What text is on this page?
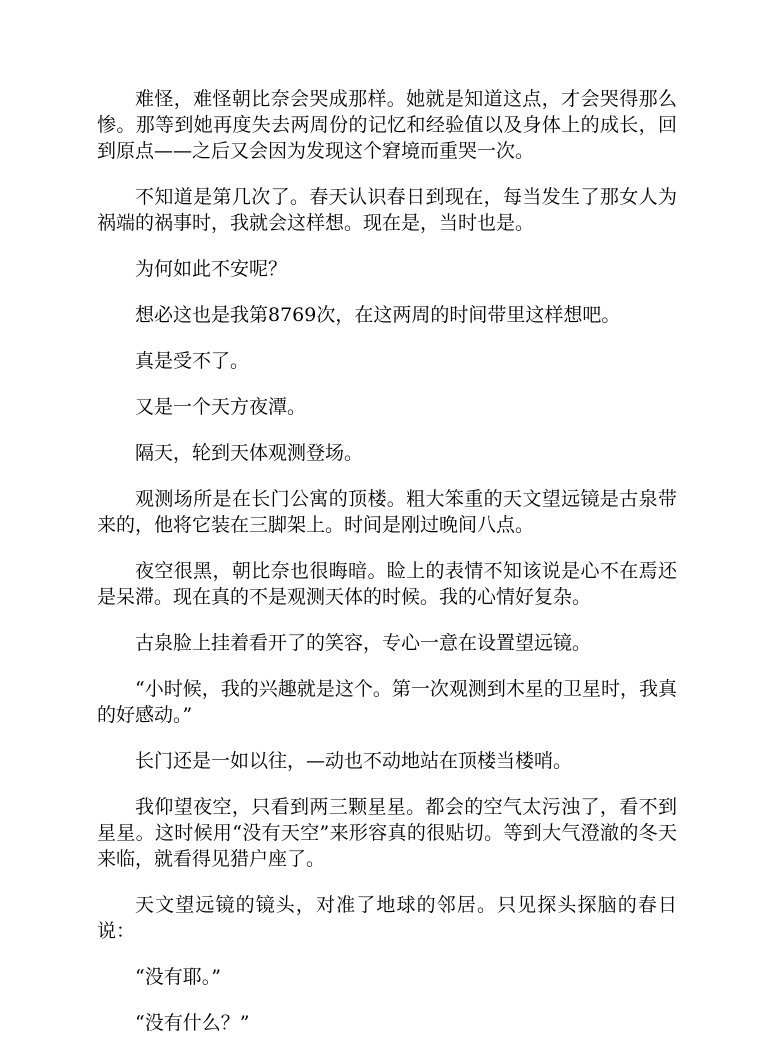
难怪，难怪朝比奈会哭成那样。她就是知道这点，才会哭得那么惨。那等到她再度失去两周份的记忆和经验值以及身体上的成长，回到原点——之后又会因为发现这个窘境而重哭一次。

不知道是第几次了。春天认识春日到现在，每当发生了那女人为祸端的祸事时，我就会这样想。现在是，当时也是。

为何如此不安呢？

想必这也是我第8769次，在这两周的时间带里这样想吧。

真是受不了。

又是一个天方夜潭。

隔天，轮到天体观测登场。

观测场所是在长门公寓的顶楼。粗大笨重的天文望远镜是古泉带来的，他将它装在三脚架上。时间是刚过晚间八点。

夜空很黑，朝比奈也很晦暗。睑上的表情不知该说是心不在焉还是呆滞。现在真的不是观测天体的时候。我的心情好复杂。

古泉脸上挂着看开了的笑容，专心一意在设置望远镜。

“小时候，我的兴趣就是这个。第一次观测到木星的卫星时，我真的好感动。”

长门还是一如以往，—动也不动地站在顶楼当楼哨。

我仰望夜空，只看到两三颗星星。都会的空气太污浊了，看不到星星。这时候用“没有天空”来形容真的很贴切。等到大气澄澈的冬天来临，就看得见猎户座了。

天文望远镜的镜头，对准了地球的邻居。只见探头探脑的春日说：

“没有耶。”

“没有什么？”
